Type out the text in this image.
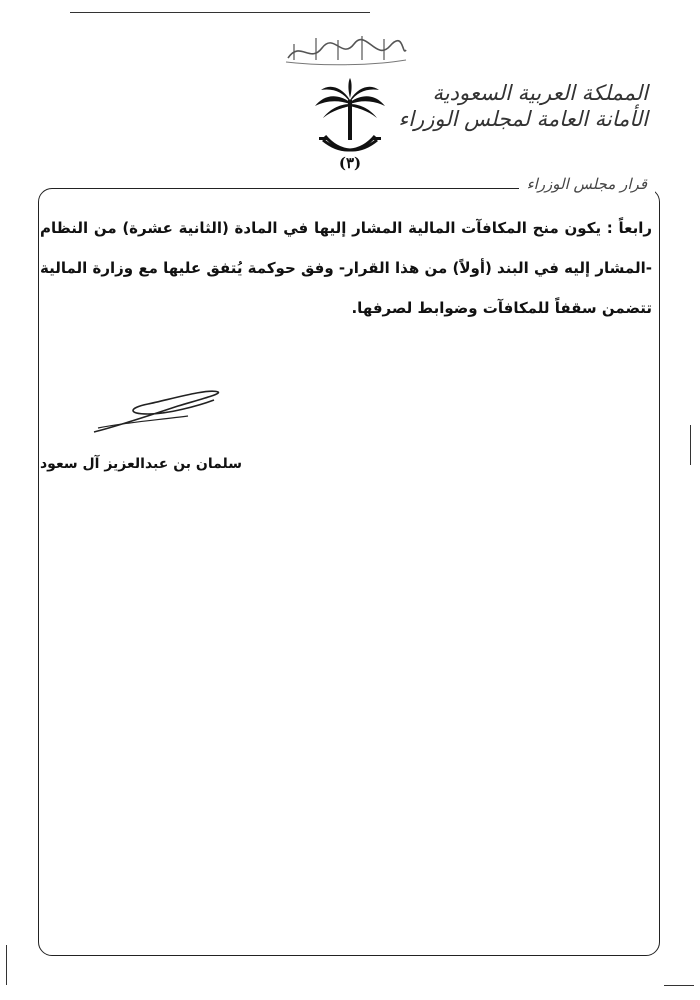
بسم الله الرحمن الرحيم
(٣)
المملكة العربية السعودية
الأمانة العامة لمجلس الوزراء
قرار مجلس الوزراء

رابعاً : يكون منح المكافآت المالية المشار إليها في المادة (الثانية عشرة) من النظام -المشار إليه في البند (أولاً) من هذا القرار- وفق حوكمة يُتفق عليها مع وزارة المالية تتضمن سقفاً للمكافآت وضوابط لصرفها.

سلمان بن عبدالعزيز آل سعود
